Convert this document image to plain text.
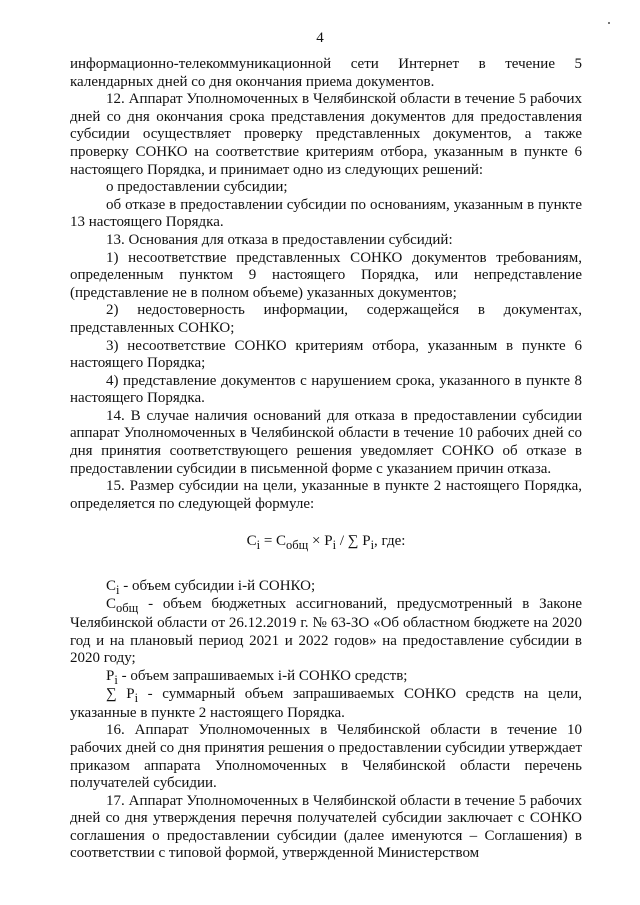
4

информационно-телекоммуникационной сети Интернет в течение 5 календарных дней со дня окончания приема документов.

12. Аппарат Уполномоченных в Челябинской области в течение 5 рабочих дней со дня окончания срока представления документов для предоставления субсидии осуществляет проверку представленных документов, а также проверку СОНКО на соответствие критериям отбора, указанным в пункте 6 настоящего Порядка, и принимает одно из следующих решений:

о предоставлении субсидии;

об отказе в предоставлении субсидии по основаниям, указанным в пункте 13 настоящего Порядка.

13. Основания для отказа в предоставлении субсидий:

1) несоответствие представленных СОНКО документов требованиям, определенным пунктом 9 настоящего Порядка, или непредставление (представление не в полном объеме) указанных документов;

2) недостоверность информации, содержащейся в документах, представленных СОНКО;

3) несоответствие СОНКО критериям отбора, указанным в пункте 6 настоящего Порядка;

4) представление документов с нарушением срока, указанного в пункте 8 настоящего Порядка.

14. В случае наличия оснований для отказа в предоставлении субсидии аппарат Уполномоченных в Челябинской области в течение 10 рабочих дней со дня принятия соответствующего решения уведомляет СОНКО об отказе в предоставлении субсидии в письменной форме с указанием причин отказа.

15. Размер субсидии на цели, указанные в пункте 2 настоящего Порядка, определяется по следующей формуле:

$C_i = C_{общ} \times P_i$ / ∑ $P_i$, где:

$C_i$ - объем субсидии i-й СОНКО;

$C_{общ}$ - объем бюджетных ассигнований, предусмотренный в Законе Челябинской области от 26.12.2019 г. № 63-ЗО «Об областном бюджете на 2020 год и на плановый период 2021 и 2022 годов» на предоставление субсидии в 2020 году;

$P_i$ - объем запрашиваемых i-й СОНКО средств;

∑ $P_i$ - суммарный объем запрашиваемых СОНКО средств на цели, указанные в пункте 2 настоящего Порядка.

16. Аппарат Уполномоченных в Челябинской области в течение 10 рабочих дней со дня принятия решения о предоставлении субсидии утверждает приказом аппарата Уполномоченных в Челябинской области перечень получателей субсидии.

17. Аппарат Уполномоченных в Челябинской области в течение 5 рабочих дней со дня утверждения перечня получателей субсидии заключает с СОНКО соглашения о предоставлении субсидии (далее именуются – Соглашения) в соответствии с типовой формой, утвержденной Министерством
